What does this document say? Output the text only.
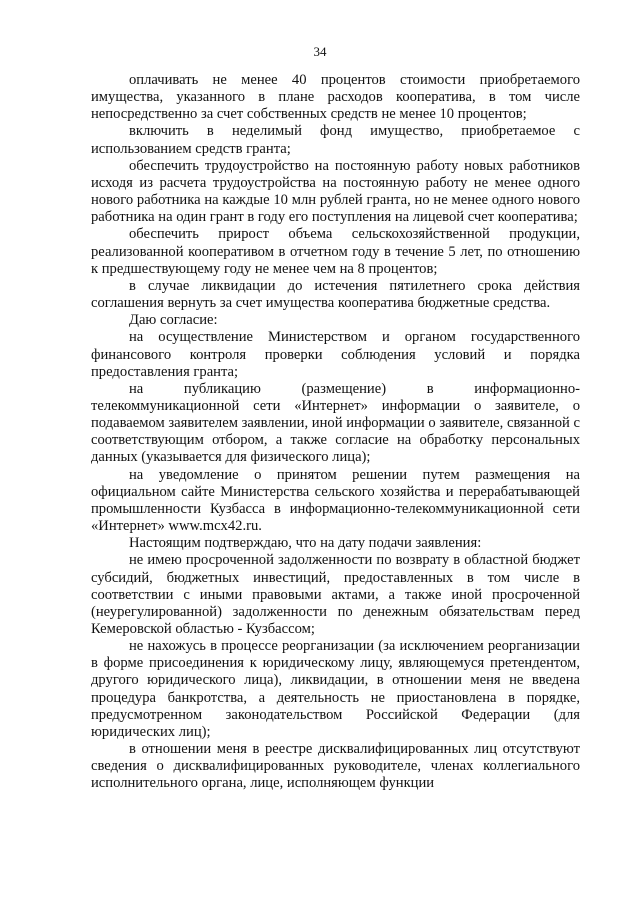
34

оплачивать не менее 40 процентов стоимости приобретаемого имущества, указанного в плане расходов кооператива, в том числе непосредственно за счет собственных средств не менее 10 процентов;

включить в неделимый фонд имущество, приобретаемое с использованием средств гранта;

обеспечить трудоустройство на постоянную работу новых работников исходя из расчета трудоустройства на постоянную работу не менее одного нового работника на каждые 10 млн рублей гранта, но не менее одного нового работника на один грант в году его поступления на лицевой счет кооператива;

обеспечить прирост объема сельскохозяйственной продукции, реализованной кооперативом в отчетном году в течение 5 лет, по отношению к предшествующему году не менее чем на 8 процентов;

в случае ликвидации до истечения пятилетнего срока действия соглашения вернуть за счет имущества кооператива бюджетные средства.

Даю согласие:

на осуществление Министерством и органом государственного финансового контроля проверки соблюдения условий и порядка предоставления гранта;

на публикацию (размещение) в информационно-телекоммуникационной сети «Интернет» информации о заявителе, о подаваемом заявителем заявлении, иной информации о заявителе, связанной с соответствующим отбором, а также согласие на обработку персональных данных (указывается для физического лица);

на уведомление о принятом решении путем размещения на официальном сайте Министерства сельского хозяйства и перерабатывающей промышленности Кузбасса в информационно-телекоммуникационной сети «Интернет» www.mcx42.ru.

Настоящим подтверждаю, что на дату подачи заявления:

не имею просроченной задолженности по возврату в областной бюджет субсидий, бюджетных инвестиций, предоставленных в том числе в соответствии с иными правовыми актами, а также иной просроченной (неурегулированной) задолженности по денежным обязательствам перед Кемеровской областью - Кузбассом;

не нахожусь в процессе реорганизации (за исключением реорганизации в форме присоединения к юридическому лицу, являющемуся претендентом, другого юридического лица), ликвидации, в отношении меня не введена процедура банкротства, а деятельность не приостановлена в порядке, предусмотренном законодательством Российской Федерации (для юридических лиц);

в отношении меня в реестре дисквалифицированных лиц отсутствуют сведения о дисквалифицированных руководителе, членах коллегиального исполнительного органа, лице, исполняющем функции
